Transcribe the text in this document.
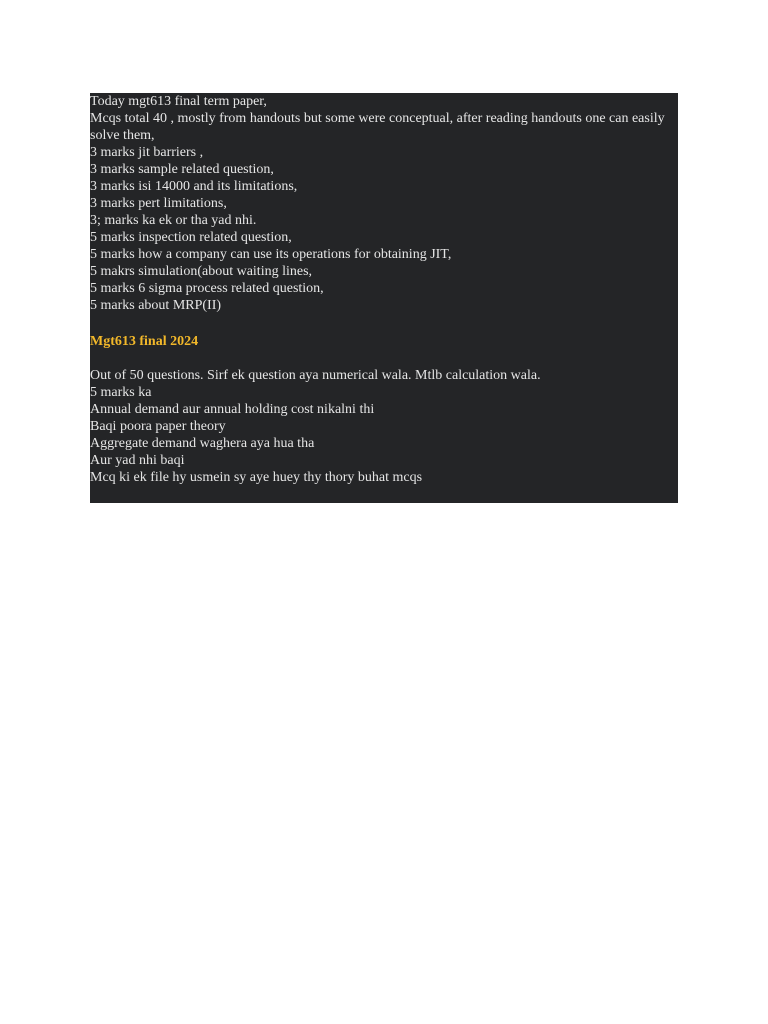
Today mgt613 final term paper,
Mcqs total 40 , mostly from handouts but some were conceptual, after reading handouts one can easily solve them,
3 marks jit barriers ,
3 marks sample related question,
3 marks isi 14000 and its limitations,
3 marks pert limitations,
3; marks ka ek or tha yad nhi.
5 marks inspection related question,
5 marks how a company can use its operations for obtaining JIT,
5 makrs simulation(about waiting lines,
5 marks 6 sigma process related question,
5 marks about MRP(II)

Mgt613 final 2024

Out of 50 questions. Sirf ek question aya numerical wala. Mtlb calculation wala.
5 marks ka
Annual demand aur annual holding cost nikalni thi
Baqi poora paper theory
Aggregate demand waghera aya hua tha
Aur yad nhi baqi
Mcq ki ek file hy usmein sy aye huey thy thory buhat mcqs
